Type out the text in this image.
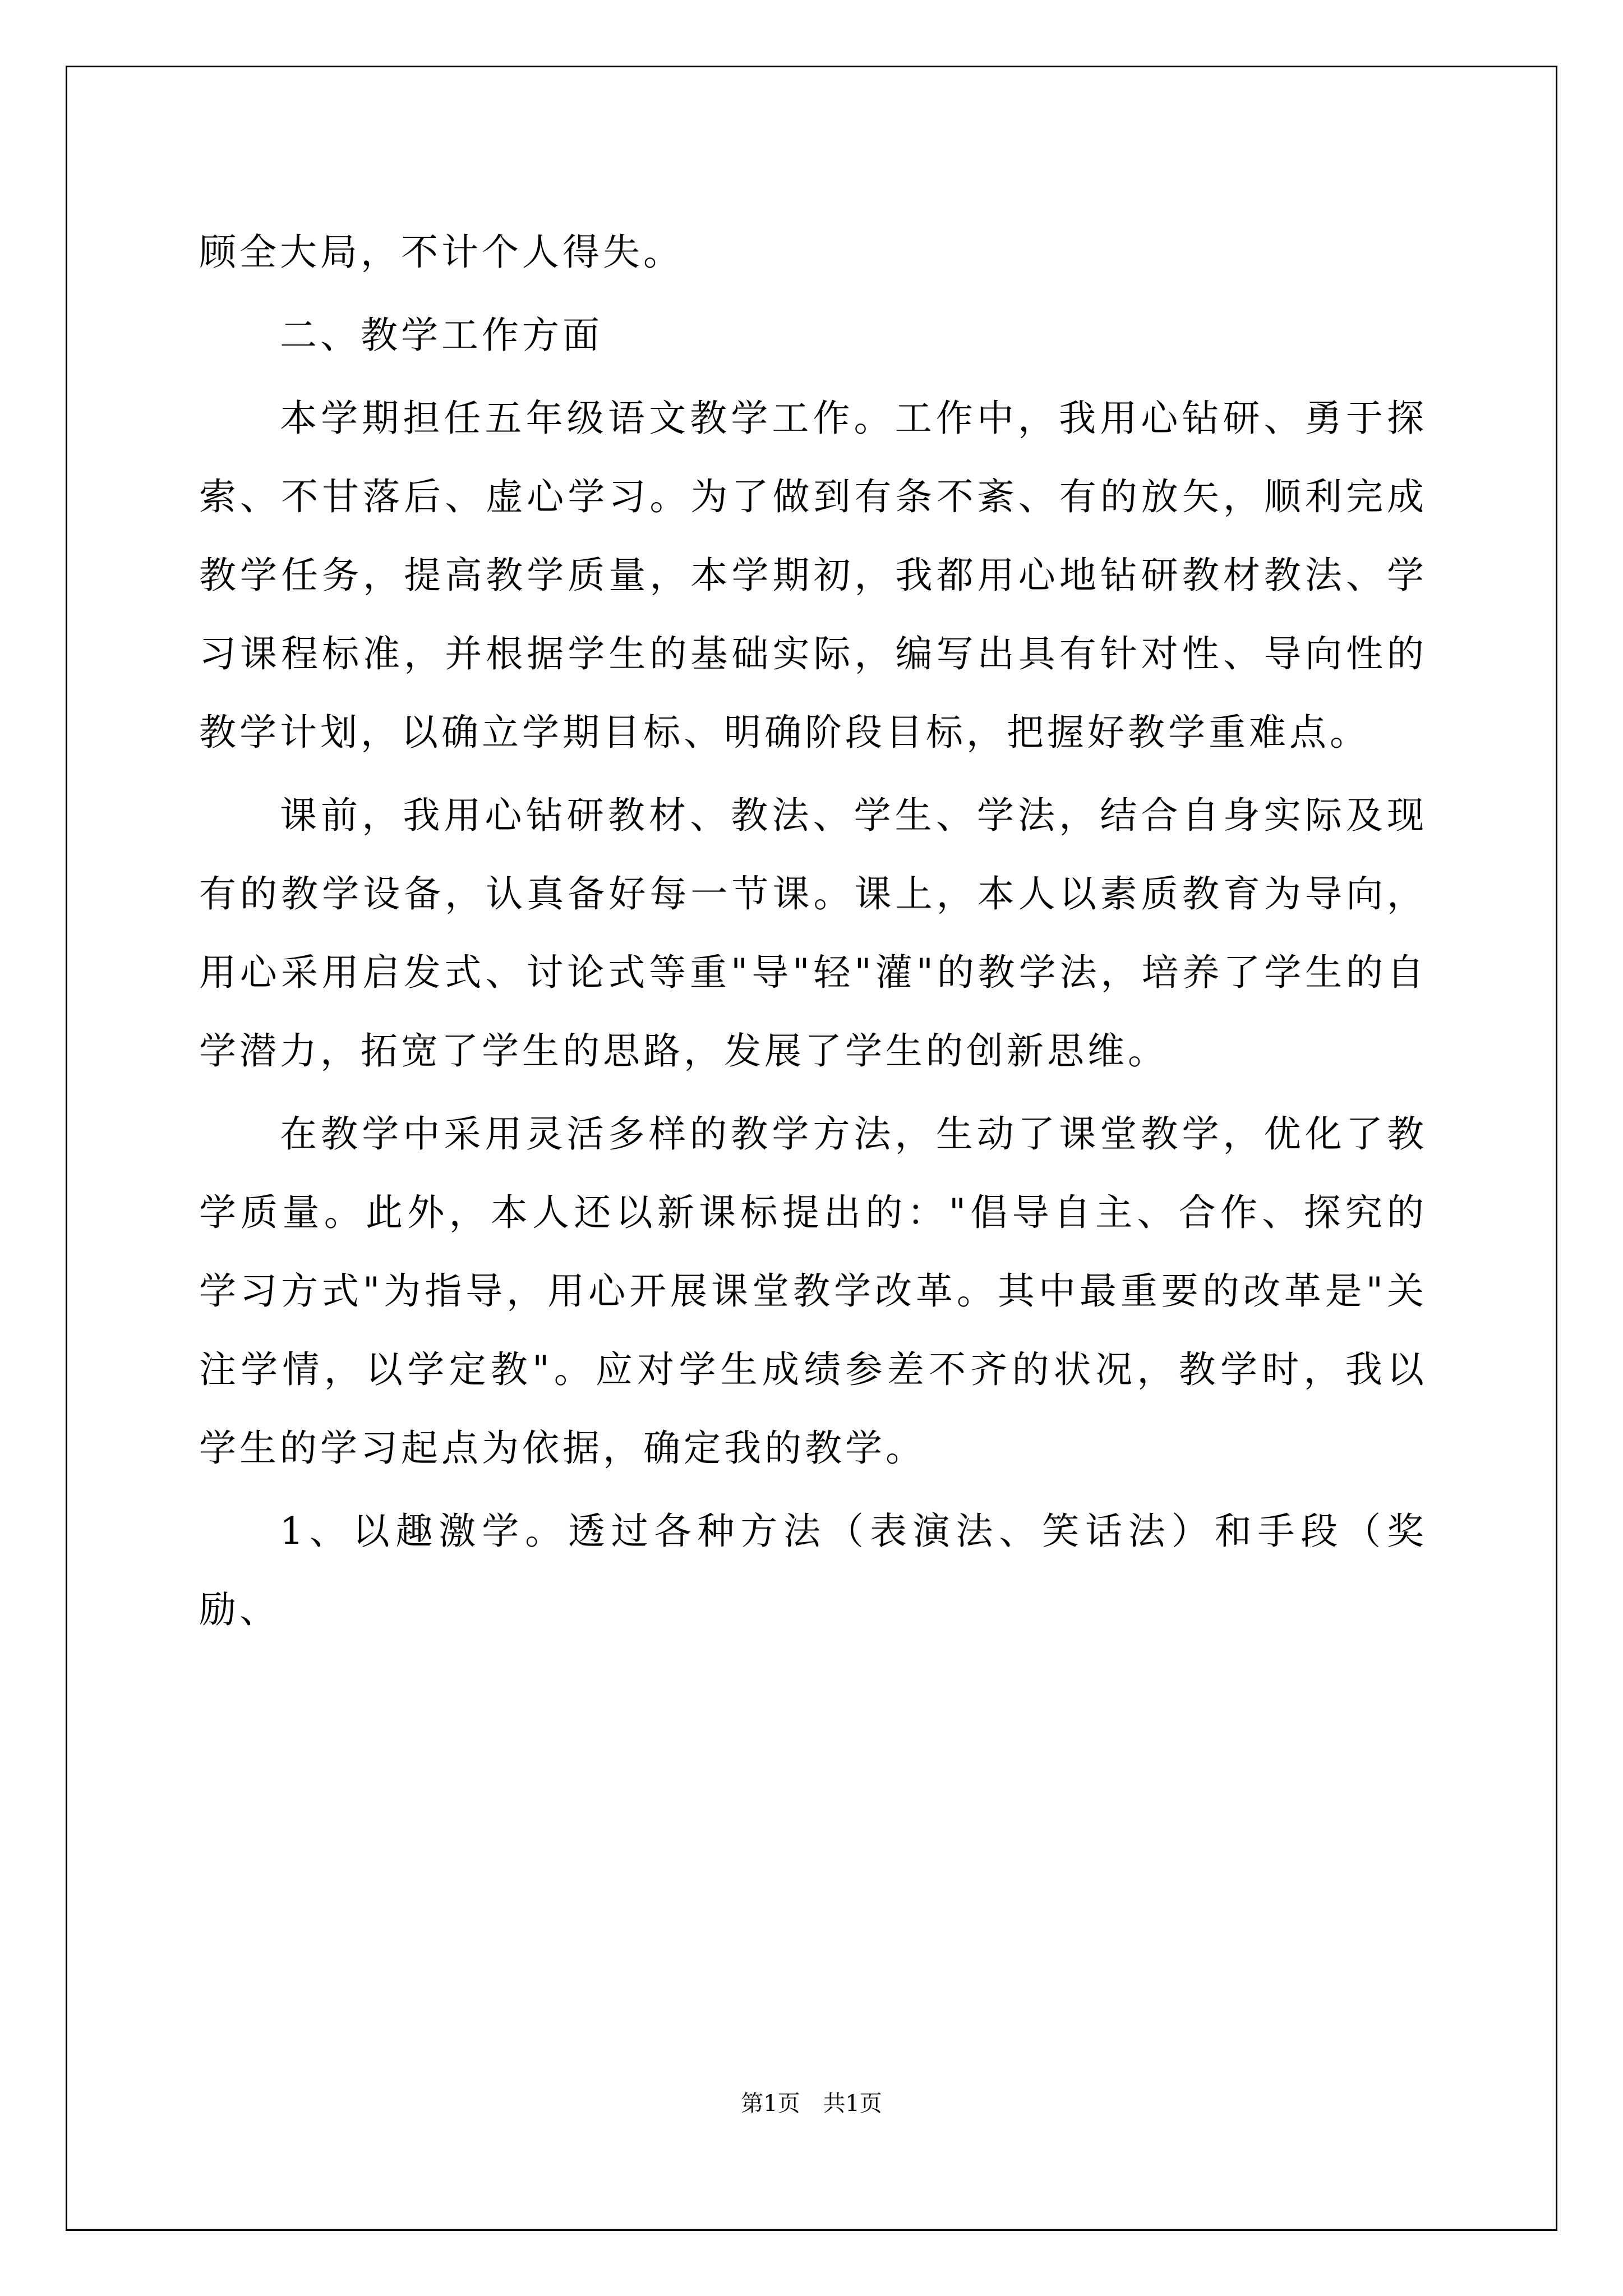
顾全大局，不计个人得失。

二、教学工作方面

本学期担任五年级语文教学工作。工作中，我用心钻研、勇于探索、不甘落后、虚心学习。为了做到有条不紊、有的放矢，顺利完成教学任务，提高教学质量，本学期初，我都用心地钻研教材教法、学习课程标准，并根据学生的基础实际，编写出具有针对性、导向性的教学计划，以确立学期目标、明确阶段目标，把握好教学重难点。

课前，我用心钻研教材、教法、学生、学法，结合自身实际及现有的教学设备，认真备好每一节课。课上，本人以素质教育为导向，用心采用启发式、讨论式等重"导"轻"灌"的教学法，培养了学生的自学潜力，拓宽了学生的思路，发展了学生的创新思维。

在教学中采用灵活多样的教学方法，生动了课堂教学，优化了教学质量。此外，本人还以新课标提出的："倡导自主、合作、探究的学习方式"为指导，用心开展课堂教学改革。其中最重要的改革是"关注学情，以学定教"。应对学生成绩参差不齐的状况，教学时，我以学生的学习起点为依据，确定我的教学。

1、以趣激学。透过各种方法（表演法、笑话法）和手段（奖励、

第1页 共1页
